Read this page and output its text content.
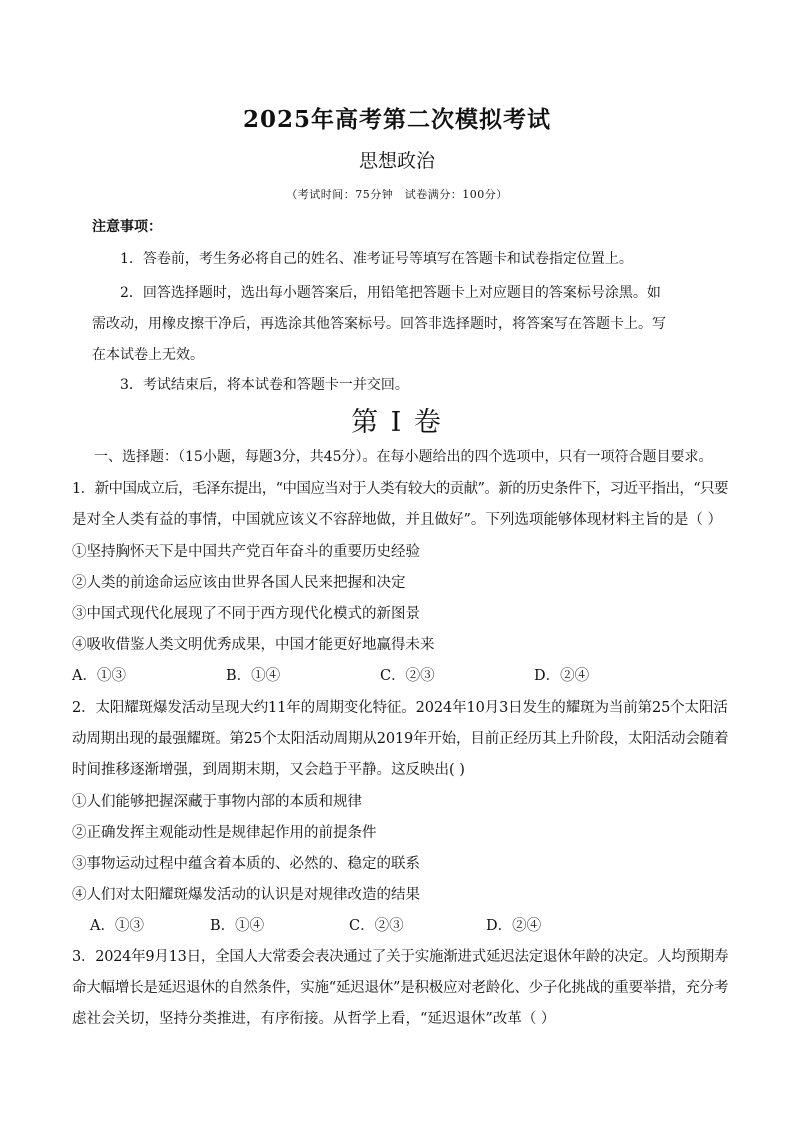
2025年高考第二次模拟考试
思想政治
（考试时间：75分钟　试卷满分：100分）
注意事项：
1．答卷前，考生务必将自己的姓名、准考证号等填写在答题卡和试卷指定位置上。
2．回答选择题时，选出每小题答案后，用铅笔把答题卡上对应题目的答案标号涂黑。如
需改动，用橡皮擦干净后，再选涂其他答案标号。回答非选择题时，将答案写在答题卡上。写
在本试卷上无效。
3．考试结束后，将本试卷和答题卡一并交回。
第 I 卷
一、选择题：（15小题，每题3分，共45分）。在每小题给出的四个选项中，只有一项符合题目要求。
1．新中国成立后，毛泽东提出，“中国应当对于人类有较大的贡献”。新的历史条件下，习近平指出，“只要
是对全人类有益的事情，中国就应该义不容辞地做，并且做好”。下列选项能够体现材料主旨的是（ ）
①坚持胸怀天下是中国共产党百年奋斗的重要历史经验
②人类的前途命运应该由世界各国人民来把握和决定
③中国式现代化展现了不同于西方现代化模式的新图景
④吸收借鉴人类文明优秀成果，中国才能更好地赢得未来
A．①③	B．①④	C．②③	D．②④
2．太阳耀斑爆发活动呈现大约11年的周期变化特征。2024年10月3日发生的耀斑为当前第25个太阳活
动周期出现的最强耀斑。第25个太阳活动周期从2019年开始，目前正经历其上升阶段，太阳活动会随着
时间推移逐渐增强，到周期末期，又会趋于平静。这反映出( )
①人们能够把握深藏于事物内部的本质和规律
②正确发挥主观能动性是规律起作用的前提条件
③事物运动过程中蕴含着本质的、必然的、稳定的联系
④人们对太阳耀斑爆发活动的认识是对规律改造的结果
A．①③	B．①④	C．②③	D．②④
3．2024年9月13日，全国人大常委会表决通过了关于实施渐进式延迟法定退休年龄的决定。人均预期寿
命大幅增长是延迟退休的自然条件，实施“延迟退休”是积极应对老龄化、少子化挑战的重要举措，充分考
虑社会关切，坚持分类推进，有序衔接。从哲学上看，“延迟退休”改革（ ）
